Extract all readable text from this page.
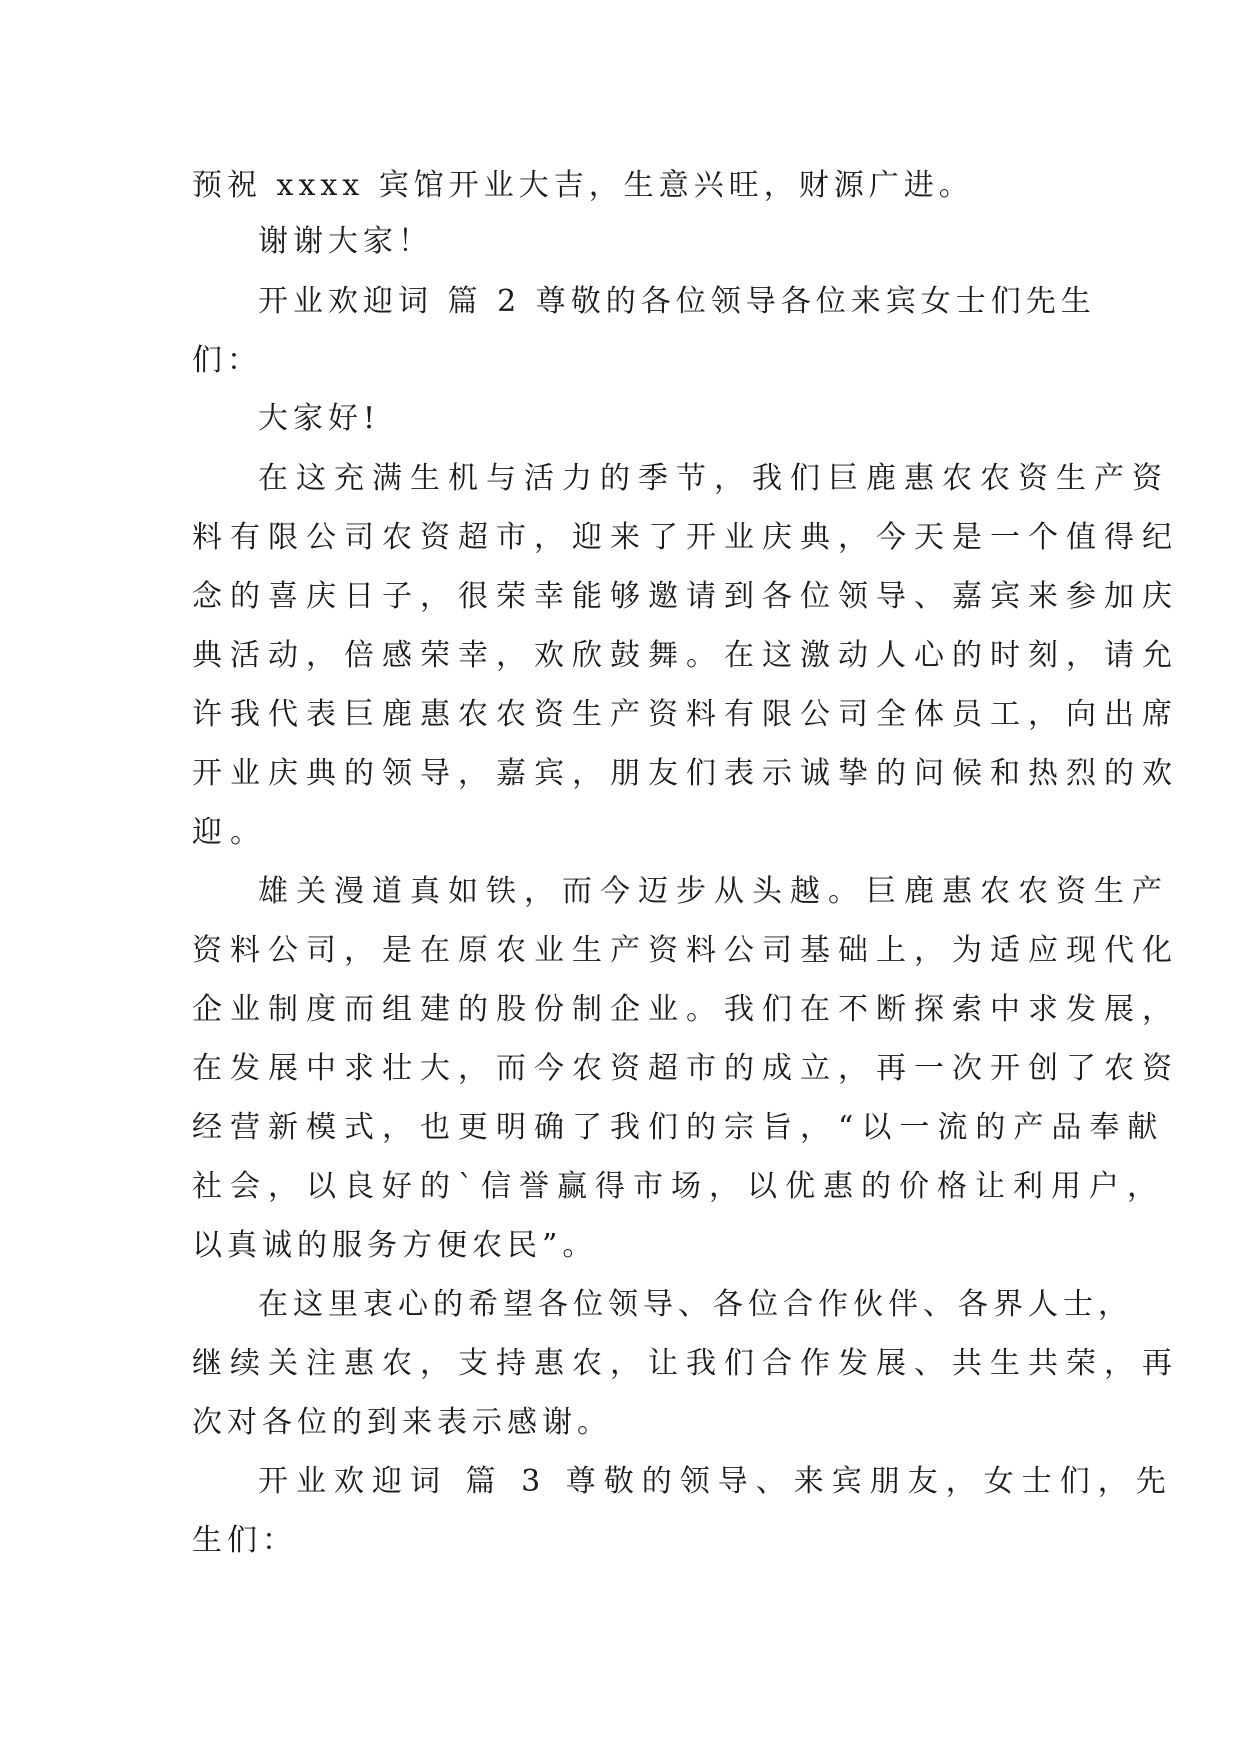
预祝 xxxx 宾馆开业大吉，生意兴旺，财源广进。
谢谢大家！
开业欢迎词 篇 2 尊敬的各位领导各位来宾女士们先生
们：
大家好!
在这充满生机与活力的季节，我们巨鹿惠农农资生产资
料有限公司农资超市，迎来了开业庆典，今天是一个值得纪
念的喜庆日子，很荣幸能够邀请到各位领导、嘉宾来参加庆
典活动，倍感荣幸，欢欣鼓舞。在这激动人心的时刻，请允
许我代表巨鹿惠农农资生产资料有限公司全体员工，向出席
开业庆典的领导，嘉宾，朋友们表示诚挚的问候和热烈的欢
迎。
雄关漫道真如铁，而今迈步从头越。巨鹿惠农农资生产
资料公司，是在原农业生产资料公司基础上，为适应现代化
企业制度而组建的股份制企业。我们在不断探索中求发展，
在发展中求壮大，而今农资超市的成立，再一次开创了农资
经营新模式，也更明确了我们的宗旨，“以一流的产品奉献
社会，以良好的`信誉赢得市场，以优惠的价格让利用户，
以真诚的服务方便农民”。
在这里衷心的希望各位领导、各位合作伙伴、各界人士，
继续关注惠农，支持惠农，让我们合作发展、共生共荣，再
次对各位的到来表示感谢。
开业欢迎词 篇 3 尊敬的领导、来宾朋友，女士们，先
生们：
